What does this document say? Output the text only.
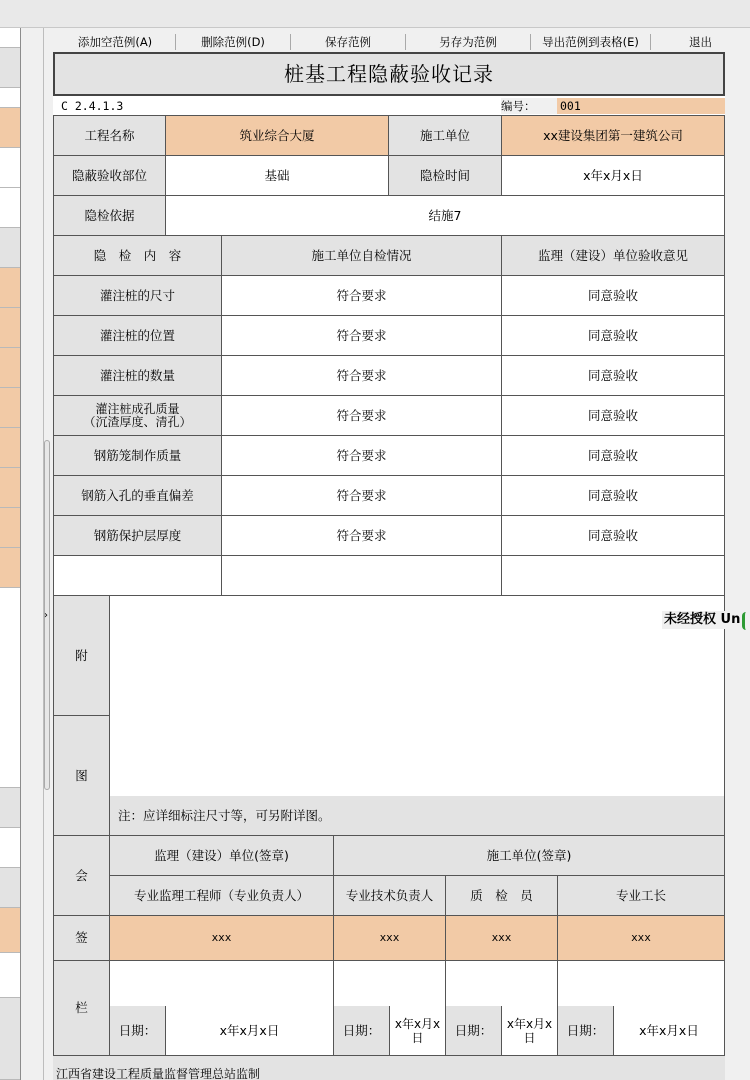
添加空范例(A)	删除范例(D)	保存范例	另存为范例	导出范例到表格(E)	退出
›
桩基工程隐蔽验收记录
C 2.4.1.3	编号：	001
工程名称	筑业综合大厦	施工单位	xx建设集团第一建筑公司
隐蔽验收部位	基础	隐检时间	x年x月x日
隐检依据	结施7
隐　检　内　容	施工单位自检情况	监理（建设）单位验收意见
灌注桩的尺寸	符合要求	同意验收
灌注桩的位置	符合要求	同意验收
灌注桩的数量	符合要求	同意验收
灌注桩成孔质量
（沉渣厚度、清孔）	符合要求	同意验收
钢筋笼制作质量	符合要求	同意验收
钢筋入孔的垂直偏差	符合要求	同意验收
钢筋保护层厚度	符合要求	同意验收
附
图
注：应详细标注尺寸等，可另附详图。
会
签
栏
监理（建设）单位(签章)	施工单位(签章)
专业监理工程师（专业负责人）	专业技术负责人	质　检　员	专业工长
xxx	xxx	xxx	xxx
日期：	x年x月x日	日期：	x年x月x日	日期：	x年x月x日	日期：	x年x月x日
江西省建设工程质量监督管理总站监制
未经授权 Un
